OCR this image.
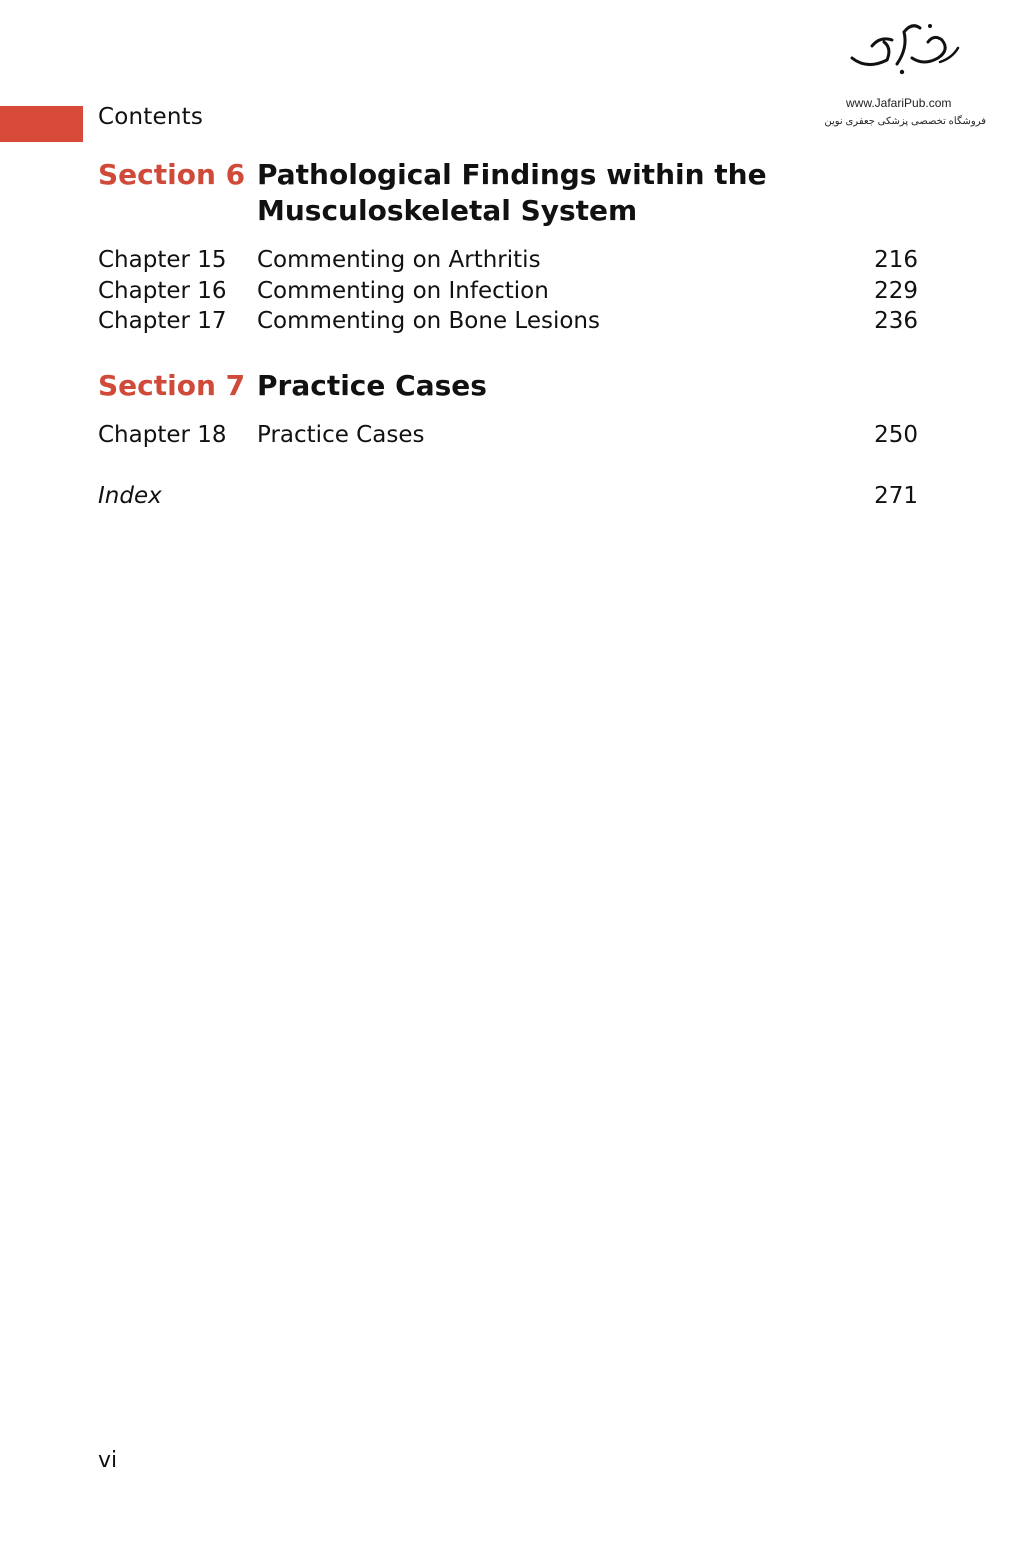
Contents
www.JafariPub.com
فروشگاه تخصصی پزشکی جعفری نوین
Section 6 Pathological Findings within the Musculoskeletal System
Chapter 15 Commenting on Arthritis	216
Chapter 16 Commenting on Infection	229
Chapter 17 Commenting on Bone Lesions	236
Section 7 Practice Cases
Chapter 18 Practice Cases	250
Index	271
vi
